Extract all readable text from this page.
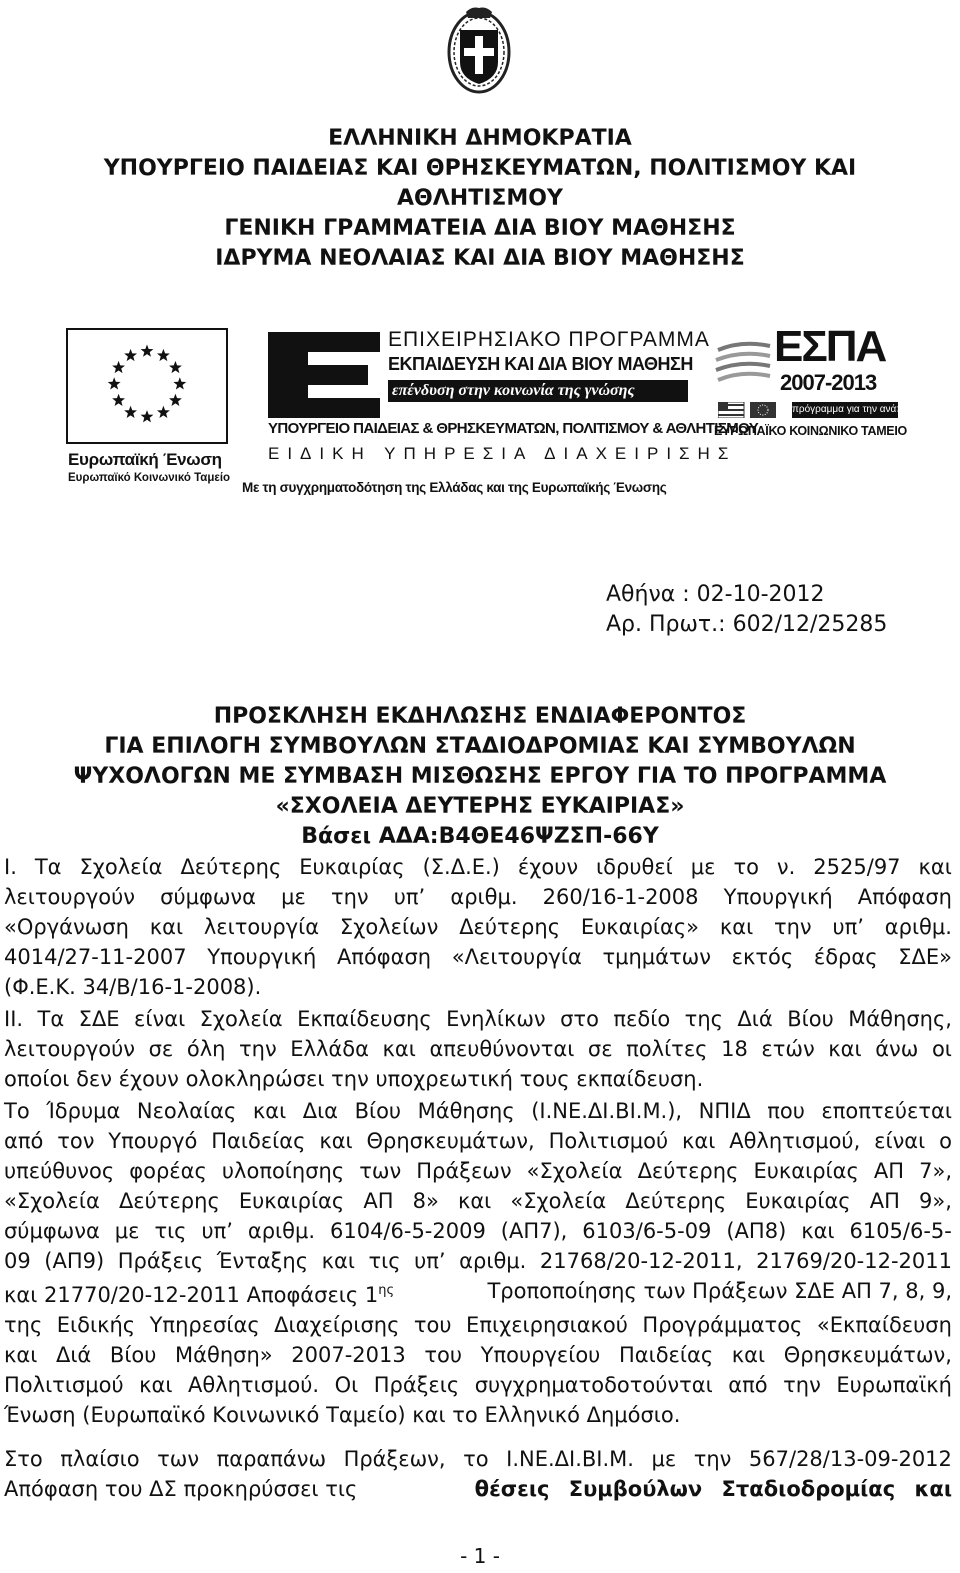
ΕΛΛΗΝΙΚΗ ΔΗΜΟΚΡΑΤΙΑ
ΥΠΟΥΡΓΕΙΟ ΠΑΙΔΕΙΑΣ ΚΑΙ ΘΡΗΣΚΕΥΜΑΤΩΝ, ΠΟΛΙΤΙΣΜΟΥ ΚΑΙ
ΑΘΛΗΤΙΣΜΟΥ
ΓΕΝΙΚΗ ΓΡΑΜΜΑΤΕΙΑ ΔΙΑ ΒΙΟΥ ΜΑΘΗΣΗΣ
ΙΔΡΥΜΑ ΝΕΟΛΑΙΑΣ ΚΑΙ ΔΙΑ ΒΙΟΥ ΜΑΘΗΣΗΣ
Ευρωπαϊκή Ένωση
Ευρωπαϊκό Κοινωνικό Ταμείο
ΕΠΙΧΕΙΡΗΣΙΑΚΟ ΠΡΟΓΡΑΜΜΑ
ΕΚΠΑΙΔΕΥΣΗ ΚΑΙ ΔΙΑ ΒΙΟΥ ΜΑΘΗΣΗ
επένδυση στην κοινωνία της γνώσης
ΥΠΟΥΡΓΕΙΟ ΠΑΙΔΕΙΑΣ & ΘΡΗΣΚΕΥΜΑΤΩΝ, ΠΟΛΙΤΙΣΜΟΥ & ΑΘΛΗΤΙΣΜΟΥ
ΕΙΔΙΚΗ ΥΠΗΡΕΣΙΑ ΔΙΑΧΕΙΡΙΣΗΣ
Με τη συγχρηματοδότηση της Ελλάδας και της Ευρωπαϊκής Ένωσης
ΕΣΠΑ
2007-2013
πρόγραμμα για την ανάπτυξη
ΕΥΡΩΠΑΪΚΟ ΚΟΙΝΩΝΙΚΟ ΤΑΜΕΙΟ
Αθήνα : 02-10-2012
Αρ. Πρωτ.: 602/12/25285
ΠΡΟΣΚΛΗΣΗ ΕΚΔΗΛΩΣΗΣ ΕΝΔΙΑΦΕΡΟΝΤΟΣ
ΓΙΑ ΕΠΙΛΟΓΗ ΣΥΜΒΟΥΛΩΝ ΣΤΑΔΙΟΔΡΟΜΙΑΣ ΚΑΙ ΣΥΜΒΟΥΛΩΝ
ΨΥΧΟΛΟΓΩΝ ΜΕ ΣΥΜΒΑΣΗ ΜΙΣΘΩΣΗΣ ΕΡΓΟΥ ΓΙΑ ΤΟ ΠΡΟΓΡΑΜΜΑ
«ΣΧΟΛΕΙΑ ΔΕΥΤΕΡΗΣ ΕΥΚΑΙΡΙΑΣ»
Βάσει ΑΔΑ:Β4ΘΕ46ΨΖΣΠ-66Υ
Ι. Τα Σχολεία Δεύτερης Ευκαιρίας (Σ.Δ.Ε.) έχουν ιδρυθεί με το ν. 2525/97 και
λειτουργούν σύμφωνα με την υπ’ αριθμ. 260/16-1-2008 Υπουργική Απόφαση
«Οργάνωση και λειτουργία Σχολείων Δεύτερης Ευκαιρίας» και την υπ’ αριθμ.
4014/27-11-2007 Υπουργική Απόφαση «Λειτουργία τμημάτων εκτός έδρας ΣΔΕ»
(Φ.Ε.Κ. 34/Β/16-1-2008).
ΙΙ. Τα ΣΔΕ είναι Σχολεία Εκπαίδευσης Ενηλίκων στο πεδίο της Διά Βίου Μάθησης,
λειτουργούν σε όλη την Ελλάδα και απευθύνονται σε πολίτες 18 ετών και άνω οι
οποίοι δεν έχουν ολοκληρώσει την υποχρεωτική τους εκπαίδευση.
Το Ίδρυμα Νεολαίας και Δια Βίου Μάθησης (Ι.ΝΕ.ΔΙ.ΒΙ.Μ.), ΝΠΙΔ που εποπτεύεται
από τον Υπουργό Παιδείας και Θρησκευμάτων, Πολιτισμού και Αθλητισμού, είναι ο
υπεύθυνος φορέας υλοποίησης των Πράξεων «Σχολεία Δεύτερης Ευκαιρίας ΑΠ 7»,
«Σχολεία Δεύτερης Ευκαιρίας ΑΠ 8» και «Σχολεία Δεύτερης Ευκαιρίας ΑΠ 9»,
σύμφωνα με τις υπ’ αριθμ. 6104/6-5-2009 (ΑΠ7), 6103/6-5-09 (ΑΠ8) και 6105/6-5-
09 (ΑΠ9) Πράξεις Ένταξης και τις υπ’ αριθμ. 21768/20-12-2011, 21769/20-12-2011
και 21770/20-12-2011 Αποφάσεις $1^{\eta\varsigma}$	Τροποποίησης των Πράξεων ΣΔΕ ΑΠ 7, 8, 9,
της Ειδικής Υπηρεσίας Διαχείρισης του Επιχειρησιακού Προγράμματος «Εκπαίδευση
και Διά Βίου Μάθηση» 2007-2013 του Υπουργείου Παιδείας και Θρησκευμάτων,
Πολιτισμού και Αθλητισμού. Οι Πράξεις συγχρηματοδοτούνται από την Ευρωπαϊκή
Ένωση (Ευρωπαϊκό Κοινωνικό Ταμείο) και το Ελληνικό Δημόσιο.
Στο πλαίσιο των παραπάνω Πράξεων, το Ι.ΝΕ.ΔΙ.ΒΙ.Μ. με την 567/28/13-09-2012
Απόφαση του ΔΣ προκηρύσσει τις	θέσεις Συμβούλων Σταδιοδρομίας και
- 1 -
